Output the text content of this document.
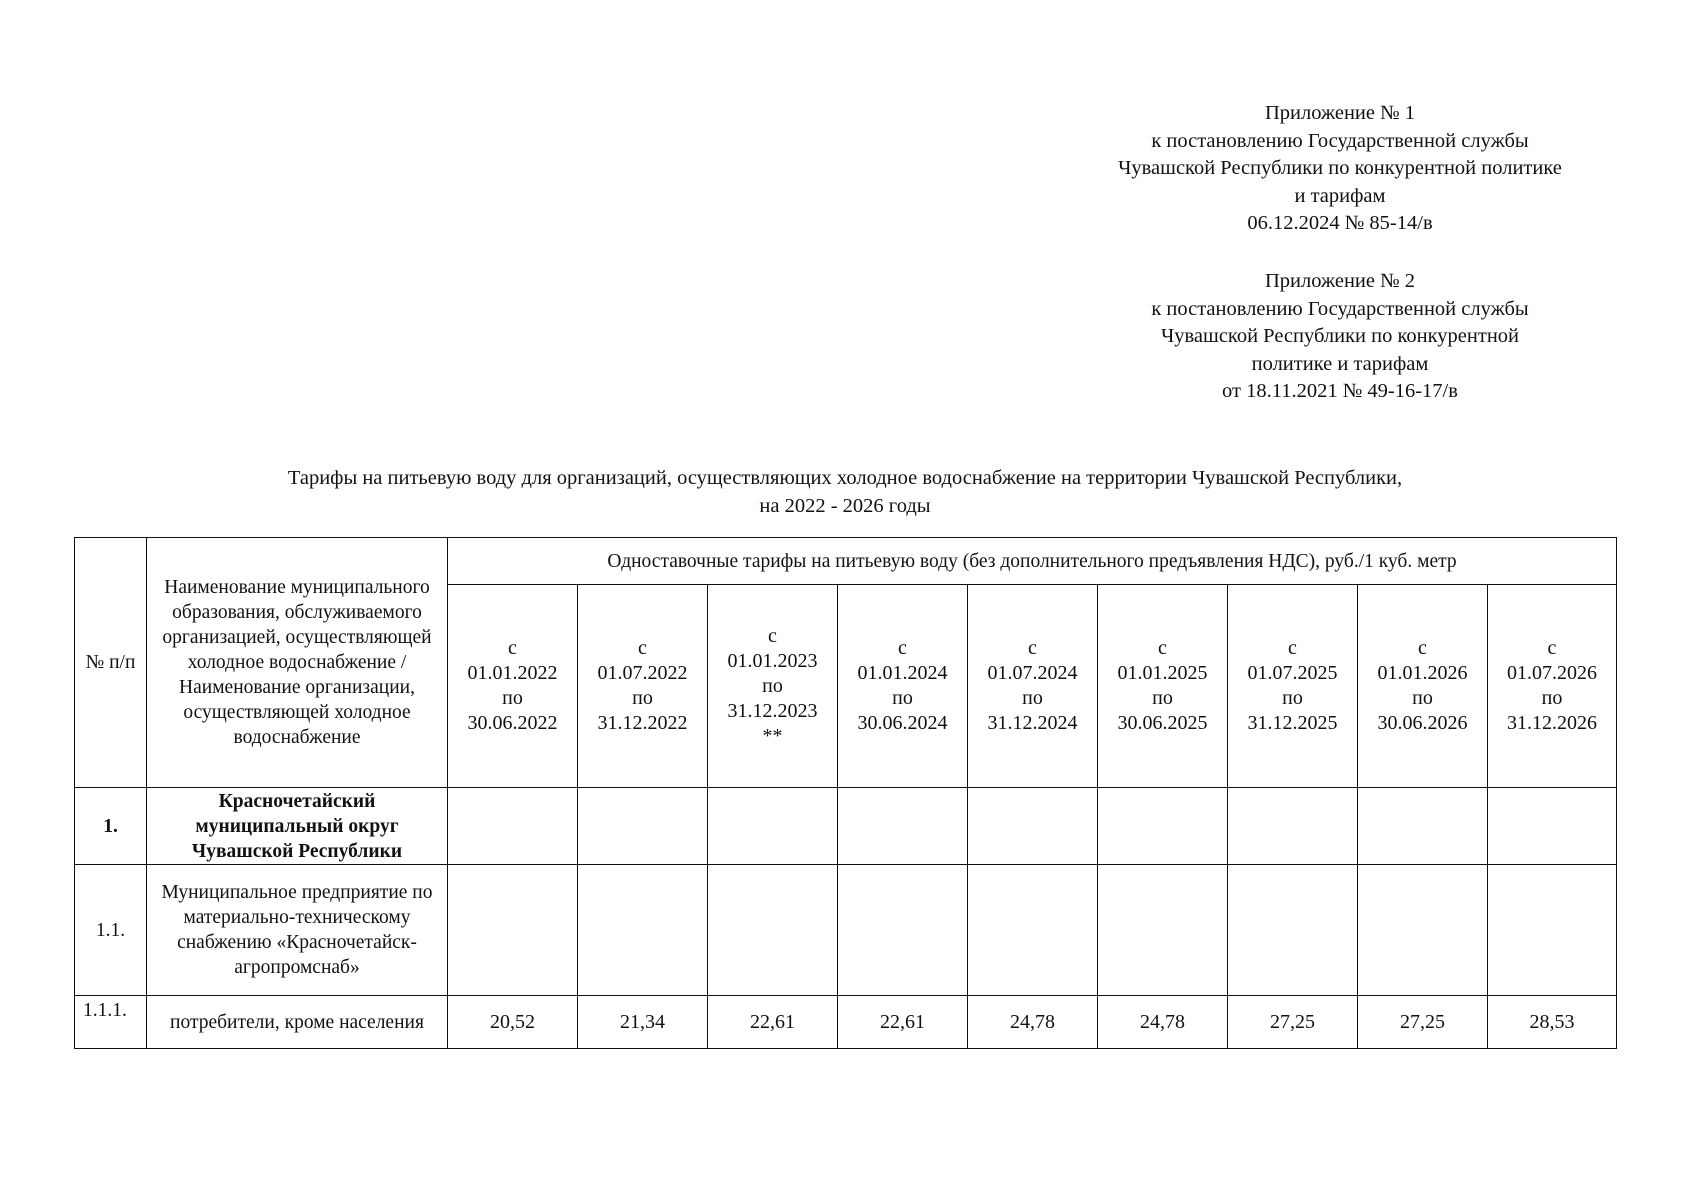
Приложение № 1
к постановлению Государственной службы
Чувашской Республики по конкурентной политике
и тарифам
06.12.2024 № 85-14/в
Приложение № 2
к постановлению Государственной службы
Чувашской Республики по конкурентной
политике и тарифам
от 18.11.2021 № 49-16-17/в
Тарифы на питьевую воду для организаций, осуществляющих холодное водоснабжение на территории Чувашской Республики,
на 2022 - 2026 годы
№ п/п	Наименование муниципального образования, обслуживаемого организацией, осуществляющей холодное водоснабжение / Наименование организации, осуществляющей холодное водоснабжение	Одноставочные тарифы на питьевую воду (без дополнительного предъявления НДС), руб./1 куб. метр								

		с
01.01.2022
по
30.06.2022	с
01.07.2022
по
31.12.2022	с
01.01.2023
по
31.12.2023
**	с
01.01.2024
по
30.06.2024	с
01.07.2024
по
31.12.2024	с
01.01.2025
по
30.06.2025	с
01.07.2025
по
31.12.2025	с
01.01.2026
по
30.06.2026	с
01.07.2026
по
31.12.2026

1.	Красночетайский муниципальный округ Чувашской Республики									
1.1.	Муниципальное предприятие по материально-техническому снабжению «Красночетайск-агропромснаб»									
1.1.1.	потребители, кроме населения	20,52	21,34	22,61	22,61	24,78	24,78	27,25	27,25	28,53
